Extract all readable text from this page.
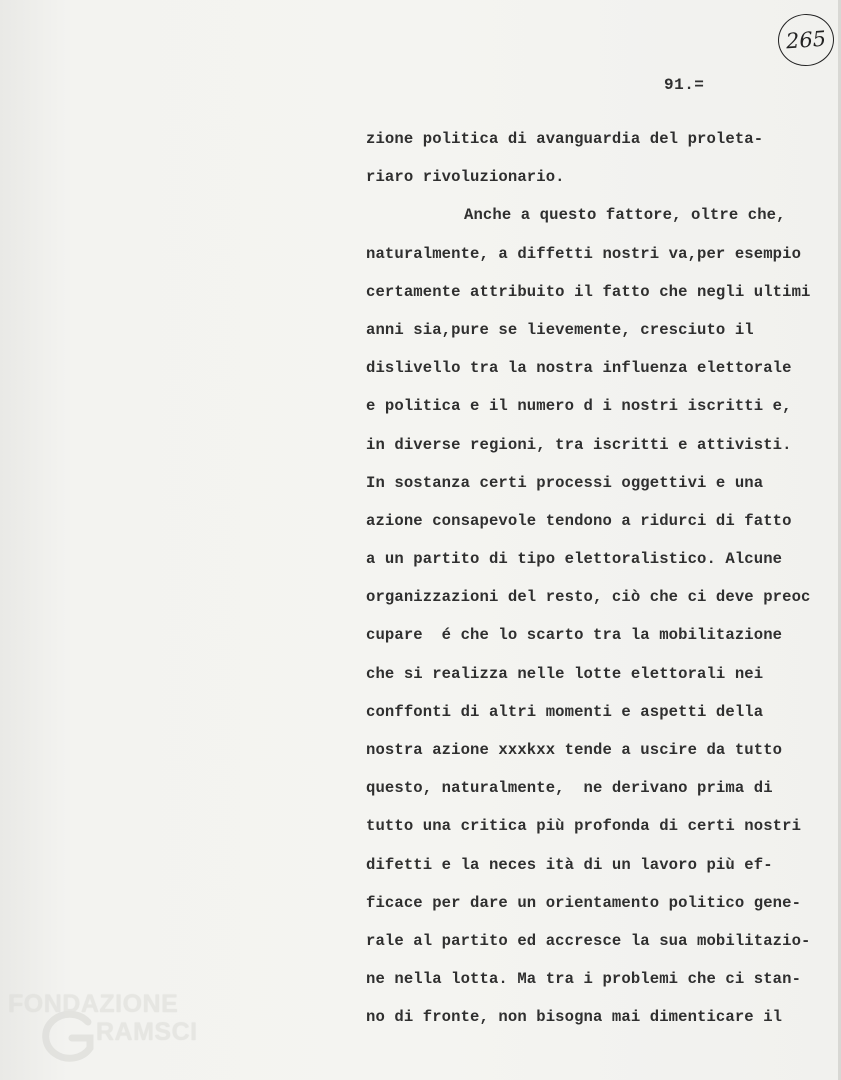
265
91.=
zione politica di avanguardia del proleta-
riaro rivoluzionario.
Anche a questo fattore, oltre che,
naturalmente, a diffetti nostri va,per esempio
certamente attribuito il fatto che negli ultimi
anni sia,pure se lievemente, cresciuto il
dislivello tra la nostra influenza elettorale
e politica e il numero d i nostri iscritti e,
in diverse regioni, tra iscritti e attivisti.
In sostanza certi processi oggettivi e una
azione consapevole tendono a ridurci di fatto
a un partito di tipo elettoralistico. Alcune
organizzazioni del resto, ciò che ci deve preoc
cupare  é che lo scarto tra la mobilitazione
che si realizza nelle lotte elettorali nei
conffonti di altri momenti e aspetti della
nostra azione xxxkxx tende a uscire da tutto
questo, naturalmente,  ne derivano prima di
tutto una critica più profonda di certi nostri
difetti e la neces ità di un lavoro più ef-
ficace per dare un orientamento politico gene-
rale al partito ed accresce la sua mobilitazio-
ne nella lotta. Ma tra i problemi che ci stan-
no di fronte, non bisogna mai dimenticare il
FONDAZIONE
G
RAMSCI
